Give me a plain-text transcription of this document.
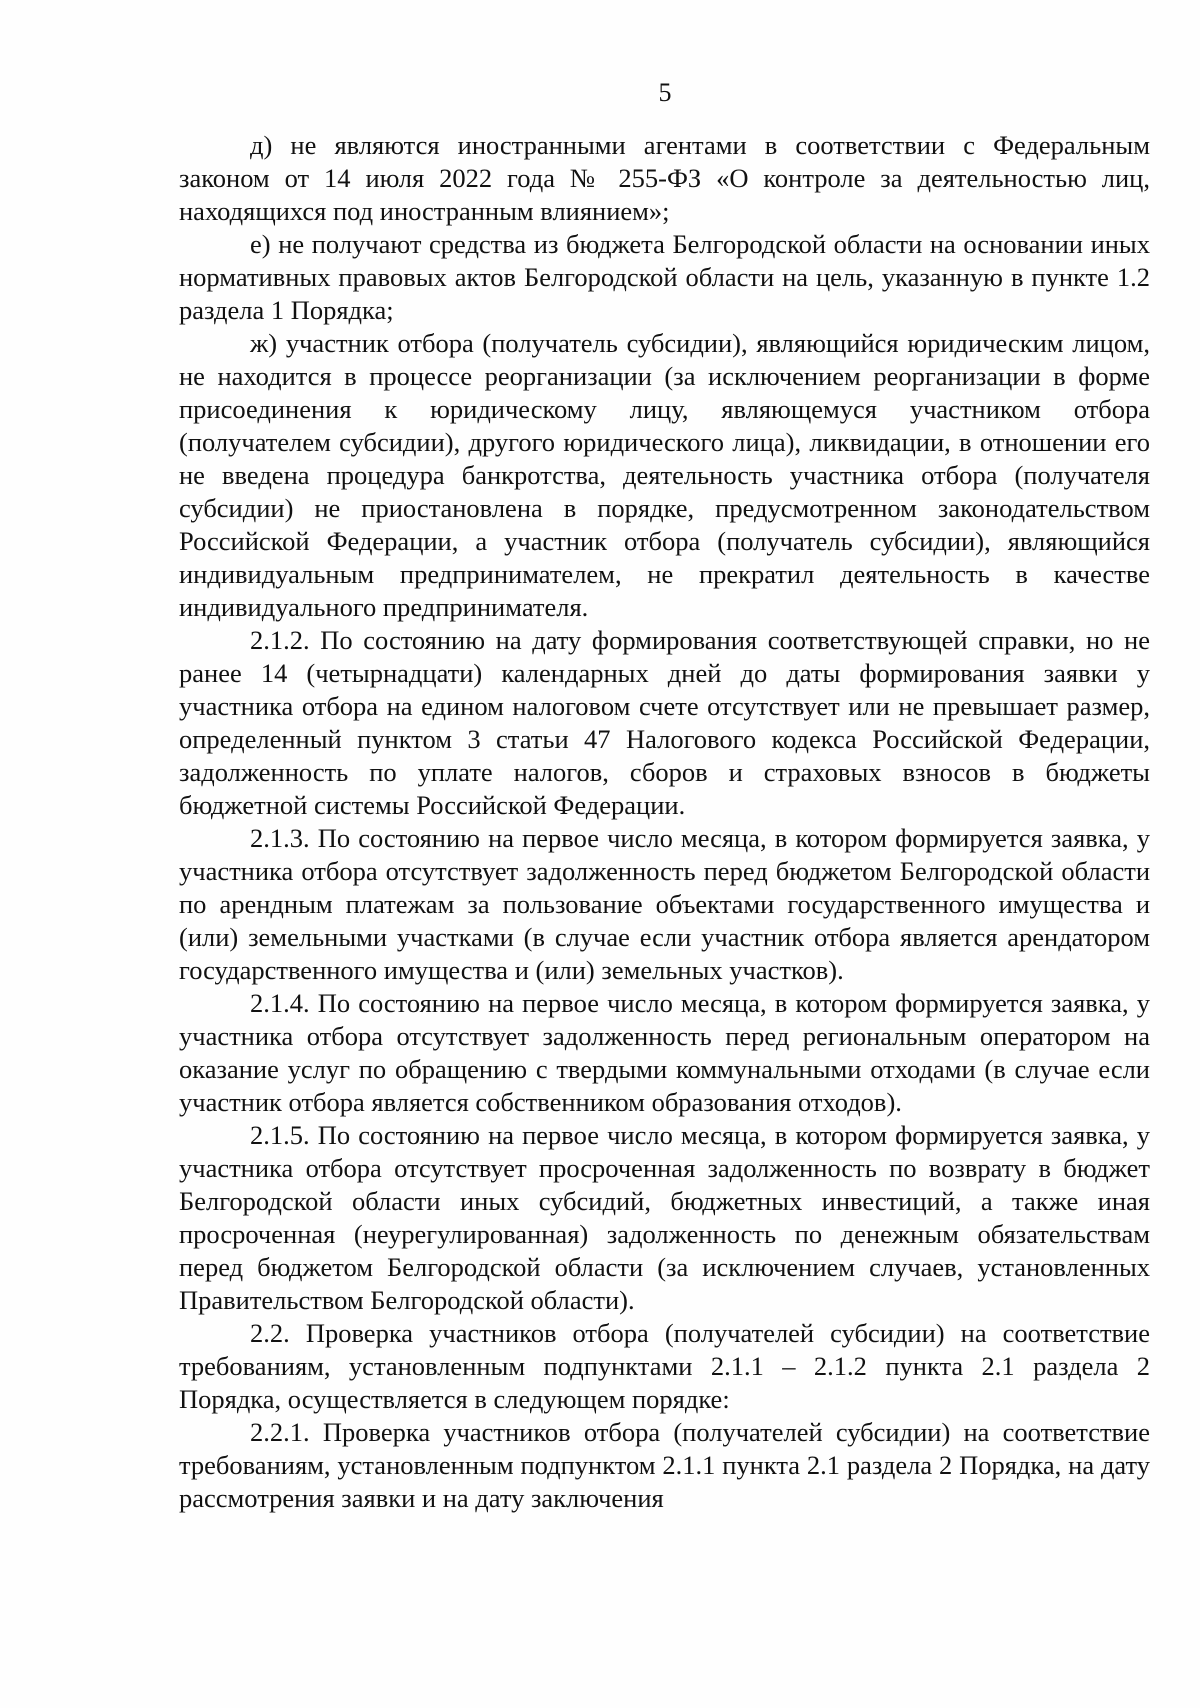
5

д) не являются иностранными агентами в соответствии с Федеральным законом от 14 июля 2022 года № 255-ФЗ «О контроле за деятельностью лиц, находящихся под иностранным влиянием»;

е) не получают средства из бюджета Белгородской области на основании иных нормативных правовых актов Белгородской области на цель, указанную в пункте 1.2 раздела 1 Порядка;

ж) участник отбора (получатель субсидии), являющийся юридическим лицом, не находится в процессе реорганизации (за исключением реорганизации в форме присоединения к юридическому лицу, являющемуся участником отбора (получателем субсидии), другого юридического лица), ликвидации, в отношении его не введена процедура банкротства, деятельность участника отбора (получателя субсидии) не приостановлена в порядке, предусмотренном законодательством Российской Федерации, а участник отбора (получатель субсидии), являющийся индивидуальным предпринимателем, не прекратил деятельность в качестве индивидуального предпринимателя.

2.1.2. По состоянию на дату формирования соответствующей справки, но не ранее 14 (четырнадцати) календарных дней до даты формирования заявки у участника отбора на едином налоговом счете отсутствует или не превышает размер, определенный пунктом 3 статьи 47 Налогового кодекса Российской Федерации, задолженность по уплате налогов, сборов и страховых взносов в бюджеты бюджетной системы Российской Федерации.

2.1.3. По состоянию на первое число месяца, в котором формируется заявка, у участника отбора отсутствует задолженность перед бюджетом Белгородской области по арендным платежам за пользование объектами государственного имущества и (или) земельными участками (в случае если участник отбора является арендатором государственного имущества и (или) земельных участков).

2.1.4. По состоянию на первое число месяца, в котором формируется заявка, у участника отбора отсутствует задолженность перед региональным оператором на оказание услуг по обращению с твердыми коммунальными отходами (в случае если участник отбора является собственником образования отходов).

2.1.5. По состоянию на первое число месяца, в котором формируется заявка, у участника отбора отсутствует просроченная задолженность по возврату в бюджет Белгородской области иных субсидий, бюджетных инвестиций, а также иная просроченная (неурегулированная) задолженность по денежным обязательствам перед бюджетом Белгородской области (за исключением случаев, установленных Правительством Белгородской области).

2.2. Проверка участников отбора (получателей субсидии) на соответствие требованиям, установленным подпунктами 2.1.1 – 2.1.2 пункта 2.1 раздела 2 Порядка, осуществляется в следующем порядке:

2.2.1. Проверка участников отбора (получателей субсидии) на соответствие требованиям, установленным подпунктом 2.1.1 пункта 2.1 раздела 2 Порядка, на дату рассмотрения заявки и на дату заключения
